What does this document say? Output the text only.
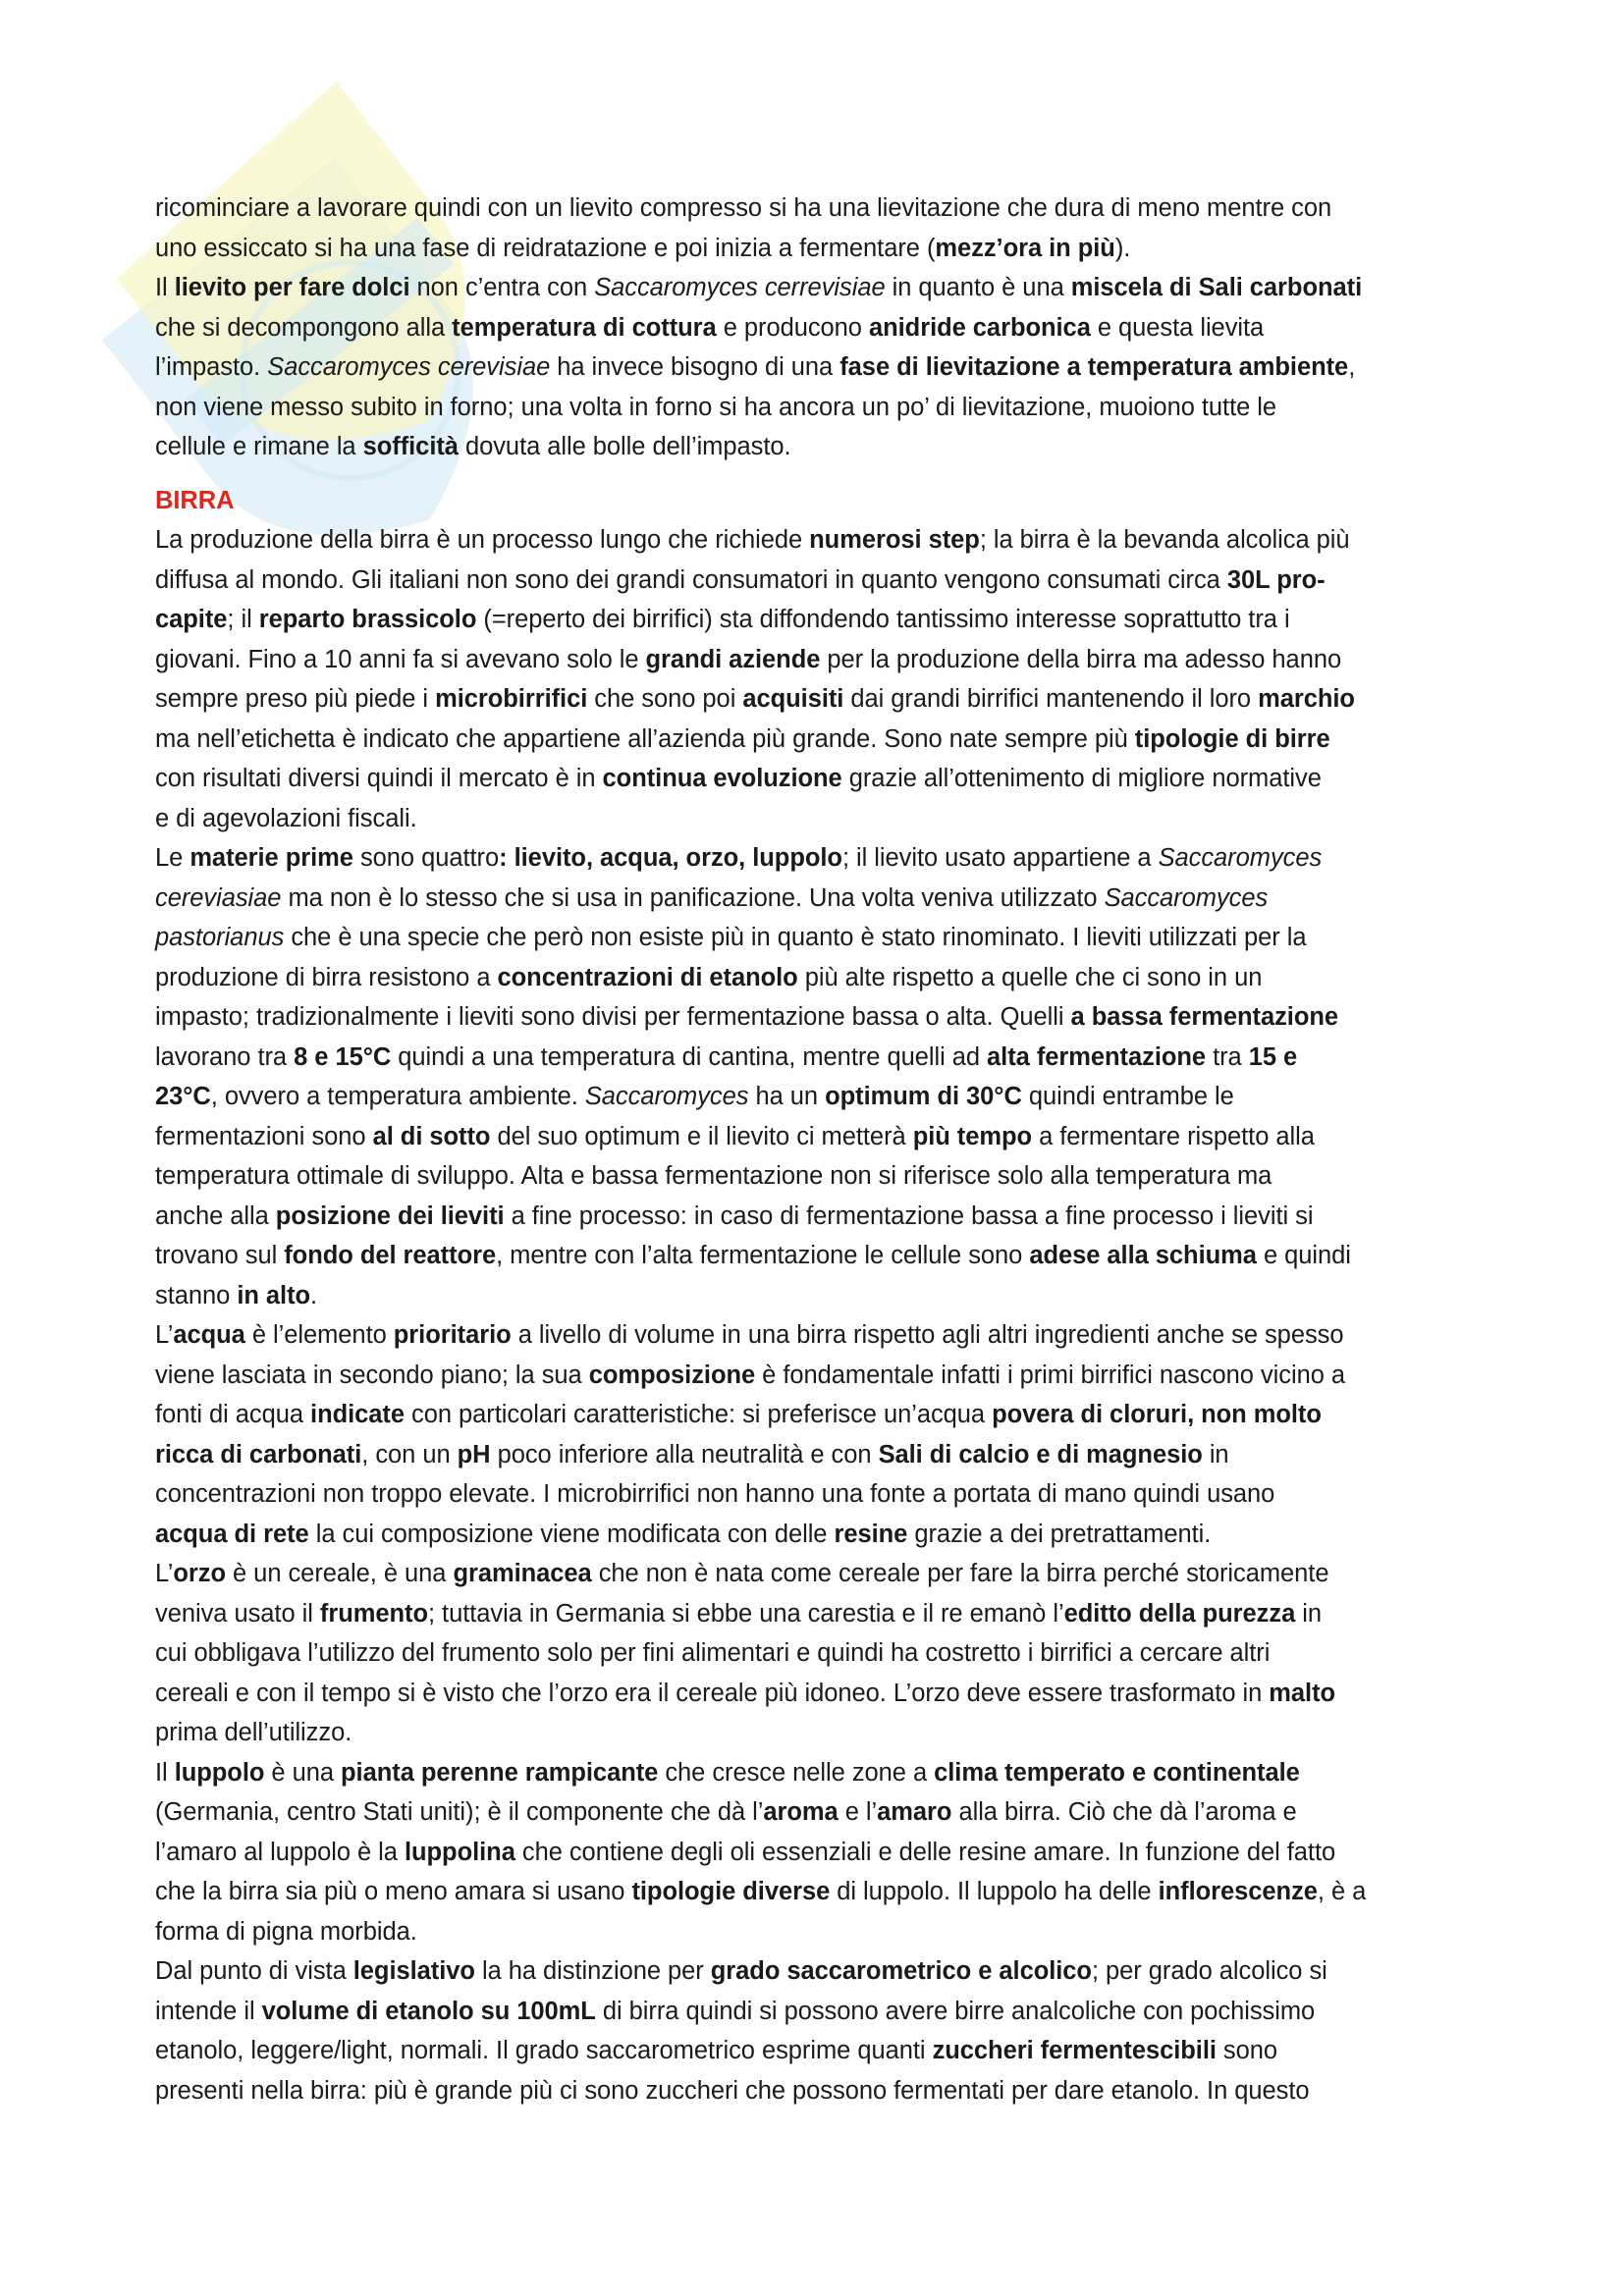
ricominciare a lavorare quindi con un lievito compresso si ha una lievitazione che dura di meno mentre con
uno essiccato si ha una fase di reidratazione e poi inizia a fermentare (mezz’ora in più).
Il lievito per fare dolci non c’entra con Saccaromyces cerrevisiae in quanto è una miscela di Sali carbonati
che si decompongono alla temperatura di cottura e producono anidride carbonica e questa lievita
l’impasto. Saccaromyces cerevisiae ha invece bisogno di una fase di lievitazione a temperatura ambiente,
non viene messo subito in forno; una volta in forno si ha ancora un po’ di lievitazione, muoiono tutte le
cellule e rimane la sofficità dovuta alle bolle dell’impasto.
BIRRA
La produzione della birra è un processo lungo che richiede numerosi step; la birra è la bevanda alcolica più
diffusa al mondo. Gli italiani non sono dei grandi consumatori in quanto vengono consumati circa 30L pro-
capite; il reparto brassicolo (=reperto dei birrifici) sta diffondendo tantissimo interesse soprattutto tra i
giovani. Fino a 10 anni fa si avevano solo le grandi aziende per la produzione della birra ma adesso hanno
sempre preso più piede i microbirrifici che sono poi acquisiti dai grandi birrifici mantenendo il loro marchio
ma nell’etichetta è indicato che appartiene all’azienda più grande. Sono nate sempre più tipologie di birre
con risultati diversi quindi il mercato è in continua evoluzione grazie all’ottenimento di migliore normative
e di agevolazioni fiscali.
Le materie prime sono quattro: lievito, acqua, orzo, luppolo; il lievito usato appartiene a Saccaromyces
cereviasiae ma non è lo stesso che si usa in panificazione. Una volta veniva utilizzato Saccaromyces
pastorianus che è una specie che però non esiste più in quanto è stato rinominato. I lieviti utilizzati per la
produzione di birra resistono a concentrazioni di etanolo più alte rispetto a quelle che ci sono in un
impasto; tradizionalmente i lieviti sono divisi per fermentazione bassa o alta. Quelli a bassa fermentazione
lavorano tra 8 e 15°C quindi a una temperatura di cantina, mentre quelli ad alta fermentazione tra 15 e
23°C, ovvero a temperatura ambiente. Saccaromyces ha un optimum di 30°C quindi entrambe le
fermentazioni sono al di sotto del suo optimum e il lievito ci metterà più tempo a fermentare rispetto alla
temperatura ottimale di sviluppo. Alta e bassa fermentazione non si riferisce solo alla temperatura ma
anche alla posizione dei lieviti a fine processo: in caso di fermentazione bassa a fine processo i lieviti si
trovano sul fondo del reattore, mentre con l’alta fermentazione le cellule sono adese alla schiuma e quindi
stanno in alto.
L’acqua è l’elemento prioritario a livello di volume in una birra rispetto agli altri ingredienti anche se spesso
viene lasciata in secondo piano; la sua composizione è fondamentale infatti i primi birrifici nascono vicino a
fonti di acqua indicate con particolari caratteristiche: si preferisce un’acqua povera di cloruri, non molto
ricca di carbonati, con un pH poco inferiore alla neutralità e con Sali di calcio e di magnesio in
concentrazioni non troppo elevate. I microbirrifici non hanno una fonte a portata di mano quindi usano
acqua di rete la cui composizione viene modificata con delle resine grazie a dei pretrattamenti.
L’orzo è un cereale, è una graminacea che non è nata come cereale per fare la birra perché storicamente
veniva usato il frumento; tuttavia in Germania si ebbe una carestia e il re emanò l’editto della purezza in
cui obbligava l’utilizzo del frumento solo per fini alimentari e quindi ha costretto i birrifici a cercare altri
cereali e con il tempo si è visto che l’orzo era il cereale più idoneo. L’orzo deve essere trasformato in malto
prima dell’utilizzo.
Il luppolo è una pianta perenne rampicante che cresce nelle zone a clima temperato e continentale
(Germania, centro Stati uniti); è il componente che dà l’aroma e l’amaro alla birra. Ciò che dà l’aroma e
l’amaro al luppolo è la luppolina che contiene degli oli essenziali e delle resine amare. In funzione del fatto
che la birra sia più o meno amara si usano tipologie diverse di luppolo. Il luppolo ha delle inflorescenze, è a
forma di pigna morbida.
Dal punto di vista legislativo la ha distinzione per grado saccarometrico e alcolico; per grado alcolico si
intende il volume di etanolo su 100mL di birra quindi si possono avere birre analcoliche con pochissimo
etanolo, leggere/light, normali. Il grado saccarometrico esprime quanti zuccheri fermentescibili sono
presenti nella birra: più è grande più ci sono zuccheri che possono fermentati per dare etanolo. In questo
